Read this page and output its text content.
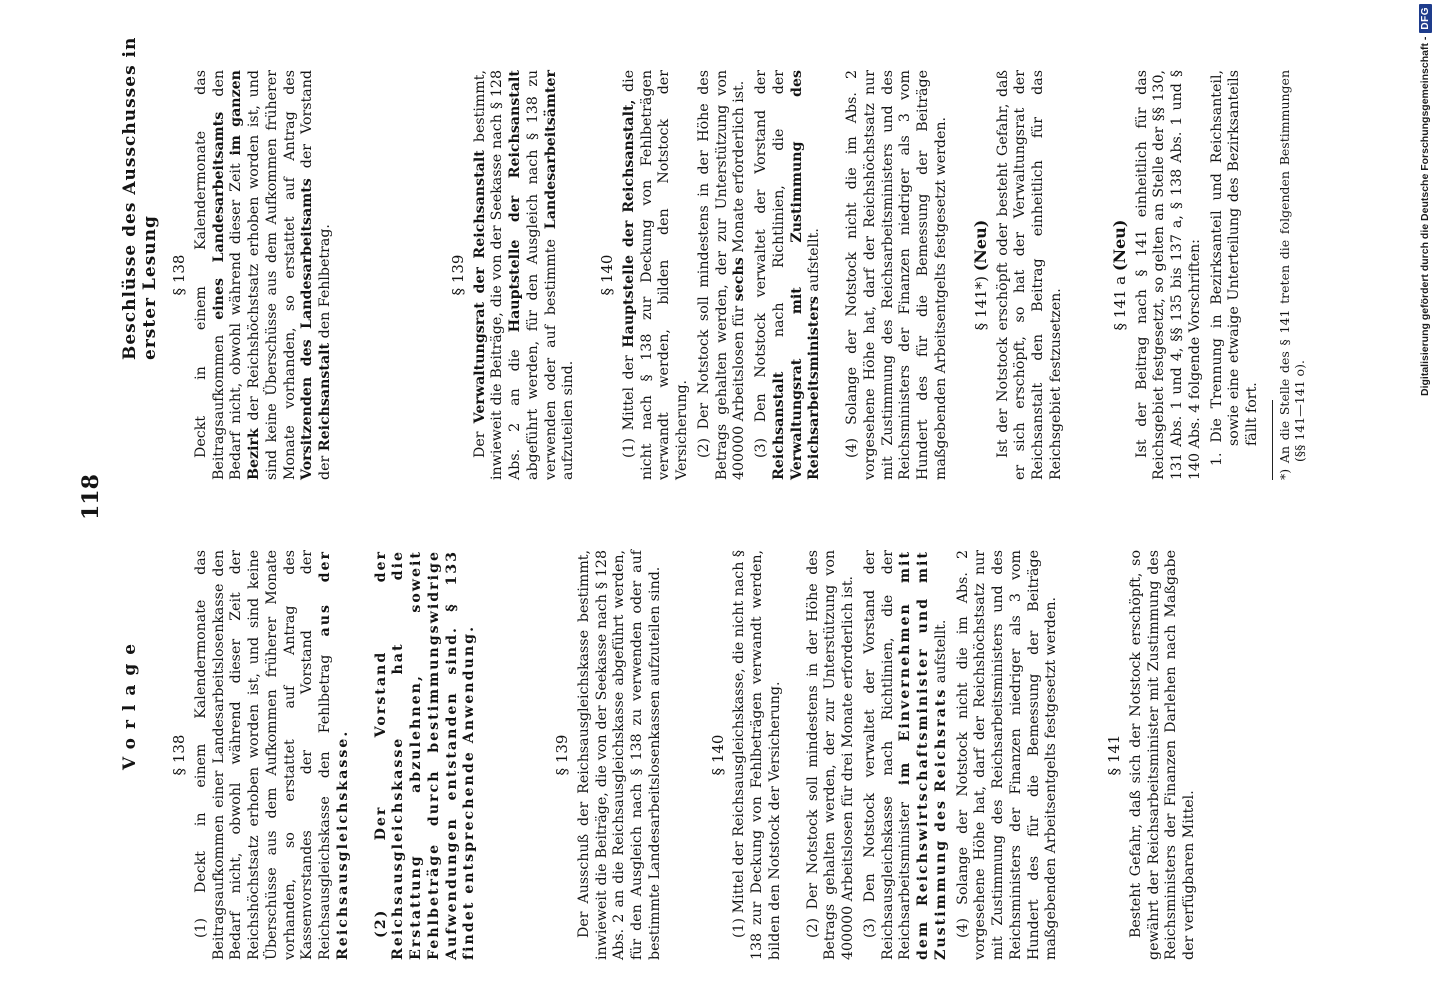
118
Vorlage
Beschlüsse des Ausschusses in erster Lesung
§ 138 (1) Deckt in einem Kalendermonate das Beitragsaufkommen einer Landesarbeitslosenkasse den Bedarf nicht, obwohl während dieser Zeit der Reichshöchstsatz erhoben worden ist, und sind keine Überschüsse aus dem Aufkommen früherer Monate vorhanden, so erstattet auf Antrag des Kassenvorstandes der Vorstand der Reichsausgleichskasse den Fehlbetrag aus der Reichsausgleichskasse. (2) Der Vorstand der Reichsausgleichskasse hat die Erstattung abzulehnen, soweit Fehlbeträge durch bestimmungswidrige Aufwendungen entstanden sind. § 133 findet entsprechende Anwendung.	§ 139 Der Ausschuß der Reichsausgleichskasse bestimmt, inwieweit die Beiträge, die von der Seekasse nach § 128 Abs. 2 an die Reichsausgleichskasse abgeführt werden, für den Ausgleich nach § 138 zu verwenden oder auf bestimmte Landesarbeitslosenkassen aufzuteilen sind.	§ 140 (1) Mittel der Reichsausgleichskasse, die nicht nach § 138 zur Deckung von Fehlbeträgen verwandt werden, bilden den Notstock der Versicherung. (2) Der Notstock soll mindestens in der Höhe des Betrags gehalten werden, der zur Unterstützung von 400000 Arbeitslosen für drei Monate erforderlich ist. (3) Den Notstock verwaltet der Vorstand der Reichsausgleichskasse nach Richtlinien, die der Reichsarbeitsminister im Einvernehmen mit dem Reichswirtschaftsminister und mit Zustimmung des Reichsrats aufstellt. (4) Solange der Notstock nicht die im Abs. 2 vorgesehene Höhe hat, darf der Reichshöchstsatz nur mit Zustimmung des Reichsarbeitsministers und des Reichsministers der Finanzen niedriger als 3 vom Hundert des für die Bemessung der Beiträge maßgebenden Arbeitsentgelts festgesetzt werden.	§ 141 Besteht Gefahr, daß sich der Notstock erschöpft, so gewährt der Reichsarbeitsminister mit Zustimmung des Reichsministers der Finanzen Darlehen nach Maßgabe der verfügbaren Mittel.

§ 138 Deckt in einem Kalendermonate das Beitragsaufkommen eines Landesarbeitsamts den Bedarf nicht, obwohl während dieser Zeit im ganzen Bezirk der Reichshöchstsatz erhoben worden ist, und sind keine Überschüsse aus dem Aufkommen früherer Monate vorhanden, so erstattet auf Antrag des Vorsitzenden des Landesarbeitsamts der Vorstand der Reichsanstalt den Fehlbetrag.	§ 139

Der Verwaltungsrat der Reichsanstalt bestimmt, inwieweit die Beiträge, die von der Seekasse nach § 128 Abs. 2 an die Hauptstelle der Reichsanstalt abgeführt werden, für den Ausgleich nach § 138 zu verwenden oder auf bestimmte Landesarbeitsämter aufzuteilen sind.

§ 140

(1) Mittel der Hauptstelle der Reichsanstalt, die nicht nach § 138 zur Deckung von Fehlbeträgen verwandt werden, bilden den Notstock der Versicherung. (2) Der Notstock soll mindestens in der Höhe des Betrags gehalten werden, der zur Unterstützung von 400000 Arbeitslosen für sechs Monate erforderlich ist. (3) Den Notstock verwaltet der Vorstand der Reichsanstalt nach Richtlinien, die der Verwaltungsrat mit Zustimmung des Reichsarbeitsministers aufstellt. (4) Solange der Notstock nicht die im Abs. 2 vorgesehene Höhe hat, darf der Reichshöchstsatz nur mit Zustimmung des Reichsarbeitsministers und des Reichsministers der Finanzen niedriger als 3 vom Hundert des für die Bemessung der Beiträge maßgebenden Arbeitsentgelts festgesetzt werden. § 141*) (Neu) Ist der Notstock erschöpft oder besteht Gefahr, daß er sich erschöpft, so hat der Verwaltungsrat der Reichsanstalt den Beitrag einheitlich für das Reichsgebiet festzusetzen.	§ 141 a (Neu) Ist der Beitrag nach § 141 einheitlich für das Reichsgebiet festgesetzt, so gelten an Stelle der §§ 130, 131 Abs. 1 und 4, §§ 135 bis 137 a, § 138 Abs. 1 und § 140 Abs. 4 folgende Vorschriften: 1. Die Trennung in Bezirksanteil und Reichsanteil, sowie eine etwaige Unterteilung des Bezirksanteils fällt fort. *) An die Stelle des § 141 treten die folgenden Bestimmungen (§§ 141—141 o).
Digitalisierung gefördert durch die Deutsche Forschungsgemeinschaft -
DFG
